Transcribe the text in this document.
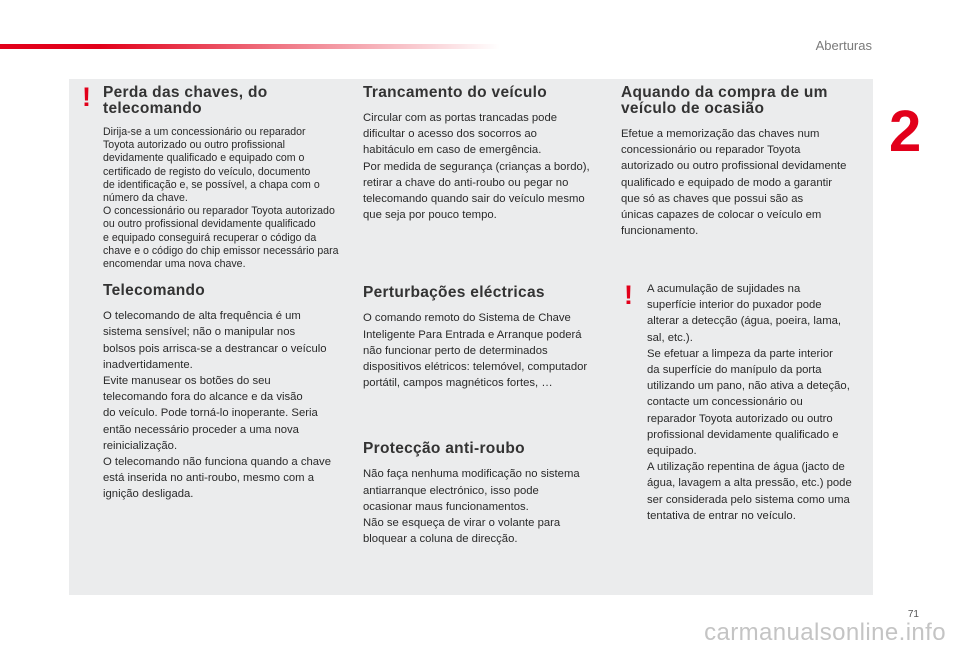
Aberturas
2
! Perda das chaves, do
telecomando

Dirija-se a um concessionário ou reparador
Toyota autorizado ou outro profissional
devidamente qualificado e equipado com o
certificado de registo do veículo, documento
de identificação e, se possível, a chapa com o
número da chave.
O concessionário ou reparador Toyota autorizado
ou outro profissional devidamente qualificado
e equipado conseguirá recuperar o código da
chave e o código do chip emissor necessário para
encomendar uma nova chave.

Telecomando

O telecomando de alta frequência é um
sistema sensível; não o manipular nos
bolsos pois arrisca-se a destrancar o veículo
inadvertidamente.
Evite manusear os botões do seu
telecomando fora do alcance e da visão
do veículo. Pode torná-lo inoperante. Seria
então necessário proceder a uma nova
reinicialização.
O telecomando não funciona quando a chave
está inserida no anti-roubo, mesmo com a
ignição desligada.

Trancamento do veículo

Circular com as portas trancadas pode
dificultar o acesso dos socorros ao
habitáculo em caso de emergência.
Por medida de segurança (crianças a bordo),
retirar a chave do anti-roubo ou pegar no
telecomando quando sair do veículo mesmo
que seja por pouco tempo.

Perturbações eléctricas

O comando remoto do Sistema de Chave
Inteligente Para Entrada e Arranque poderá
não funcionar perto de determinados
dispositivos elétricos: telemóvel, computador
portátil, campos magnéticos fortes, …

Protecção anti-roubo

Não faça nenhuma modificação no sistema
antiarranque electrónico, isso pode
ocasionar maus funcionamentos.
Não se esqueça de virar o volante para
bloquear a coluna de direcção.

Aquando da compra de um
veículo de ocasião

Efetue a memorização das chaves num
concessionário ou reparador Toyota
autorizado ou outro profissional devidamente
qualificado e equipado de modo a garantir
que só as chaves que possui são as
únicas capazes de colocar o veículo em
funcionamento.

! A acumulação de sujidades na
superfície interior do puxador pode
alterar a detecção (água, poeira, lama,
sal, etc.).
Se efetuar a limpeza da parte interior
da superfície do manípulo da porta
utilizando um pano, não ativa a deteção,
contacte um concessionário ou
reparador Toyota autorizado ou outro
profissional devidamente qualificado e
equipado.
A utilização repentina de água (jacto de
água, lavagem a alta pressão, etc.) pode
ser considerada pelo sistema como uma
tentativa de entrar no veículo.

71
carmanualsonline.info
